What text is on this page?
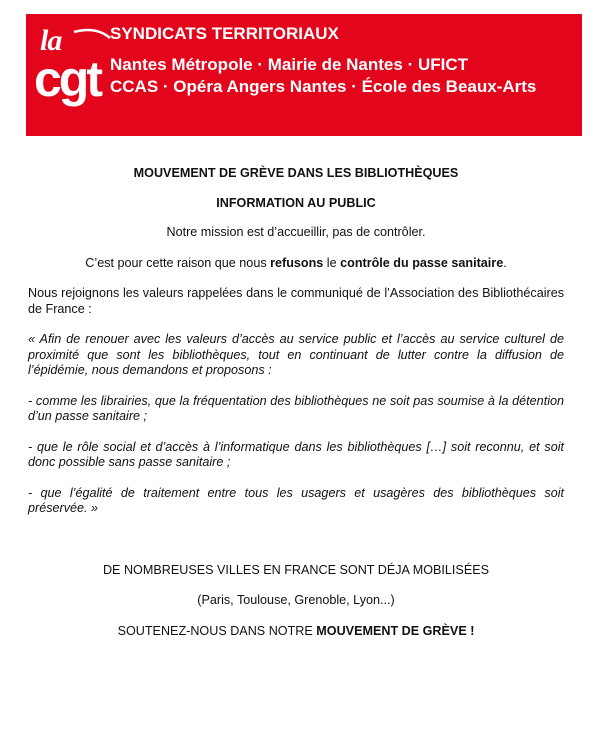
la
cgt
SYNDICATS TERRITORIAUX
Nantes Métropole · Mairie de Nantes · UFICT
CCAS · Opéra Angers Nantes · École des Beaux-Arts

MOUVEMENT DE GRÈVE DANS LES BIBLIOTHÈQUES

INFORMATION AU PUBLIC

Notre mission est d’accueillir, pas de contrôler.

C’est pour cette raison que nous refusons le contrôle du passe sanitaire.

Nous rejoignons les valeurs rappelées dans le communiqué de l’Association des Bibliothécaires de France :

« Afin de renouer avec les valeurs d’accès au service public et l’accès au service culturel de proximité que sont les bibliothèques, tout en continuant de lutter contre la diffusion de l’épidémie, nous demandons et proposons :

- comme les librairies, que la fréquentation des bibliothèques ne soit pas soumise à la détention d’un passe sanitaire ;

- que le rôle social et d’accès à l’informatique dans les bibliothèques […] soit reconnu, et soit donc possible sans passe sanitaire ;

- que l’égalité de traitement entre tous les usagers et usagères des bibliothèques soit préservée. »

DE NOMBREUSES VILLES EN FRANCE SONT DÉJA MOBILISÉES

(Paris, Toulouse, Grenoble, Lyon...)

SOUTENEZ-NOUS DANS NOTRE MOUVEMENT DE GRÈVE !
